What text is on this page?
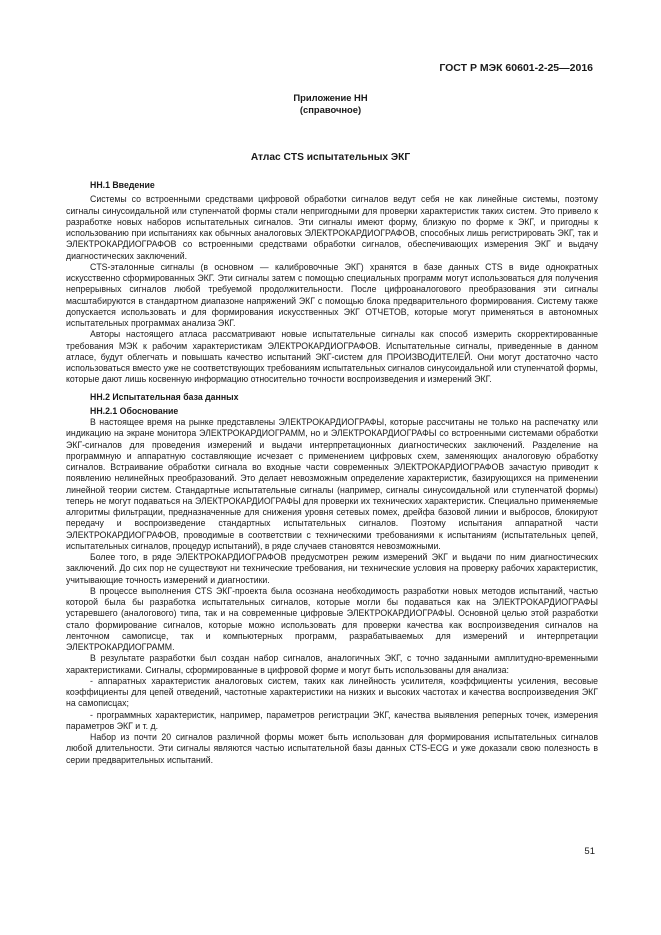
ГОСТ Р МЭК 60601-2-25—2016
Приложение НН
(справочное)
Атлас CTS испытательных ЭКГ
НН.1 Введение

Системы со встроенными средствами цифровой обработки сигналов ведут себя не как линейные системы, поэтому сигналы синусоидальной или ступенчатой формы стали непригодными для проверки характеристик таких систем. Это привело к разработке новых наборов испытательных сигналов. Эти сигналы имеют форму, близкую по форме к ЭКГ, и пригодны к использованию при испытаниях как обычных аналоговых ЭЛЕКТРОКАРДИОГРАФОВ, способных лишь регистрировать ЭКГ, так и ЭЛЕКТРОКАРДИОГРАФОВ со встроенными средствами обработки сигналов, обеспечивающих измерения ЭКГ и выдачу диагностических заключений.

CTS-эталонные сигналы (в основном — калибровочные ЭКГ) хранятся в базе данных CTS в виде однократных искусственно сформированных ЭКГ. Эти сигналы затем с помощью специальных программ могут использоваться для получения непрерывных сигналов любой требуемой продолжительности. После цифроаналогового преобразования эти сигналы масштабируются в стандартном диапазоне напряжений ЭКГ с помощью блока предварительного формирования. Систему также допускается использовать и для формирования искусственных ЭКГ ОТЧЕТОВ, которые могут применяться в автономных испытательных программах анализа ЭКГ.

Авторы настоящего атласа рассматривают новые испытательные сигналы как способ измерить скорректированные требования МЭК к рабочим характеристикам ЭЛЕКТРОКАРДИОГРАФОВ. Испытательные сигналы, приведенные в данном атласе, будут облегчать и повышать качество испытаний ЭКГ-систем для ПРОИЗВОДИТЕЛЕЙ. Они могут достаточно часто использоваться вместо уже не соответствующих требованиям испытательных сигналов синусоидальной или ступенчатой формы, которые дают лишь косвенную информацию относительно точности воспроизведения и измерений ЭКГ.

НН.2 Испытательная база данных
НН.2.1 Обоснование

В настоящее время на рынке представлены ЭЛЕКТРОКАРДИОГРАФЫ, которые рассчитаны не только на распечатку или индикацию на экране монитора ЭЛЕКТРОКАРДИОГРАММ, но и ЭЛЕКТРОКАРДИОГРАФЫ со встроенными системами обработки ЭКГ-сигналов для проведения измерений и выдачи интерпретационных диагностических заключений. Разделение на программную и аппаратную составляющие исчезает с применением цифровых схем, заменяющих аналоговую обработку сигналов. Встраивание обработки сигнала во входные части современных ЭЛЕКТРОКАРДИОГРАФОВ зачастую приводит к появлению нелинейных преобразований. Это делает невозможным определение характеристик, базирующихся на применении линейной теории систем. Стандартные испытательные сигналы (например, сигналы синусоидальной или ступенчатой формы) теперь не могут подаваться на ЭЛЕКТРОКАРДИОГРАФЫ для проверки их технических характеристик. Специально применяемые алгоритмы фильтрации, предназначенные для снижения уровня сетевых помех, дрейфа базовой линии и выбросов, блокируют передачу и воспроизведение стандартных испытательных сигналов. Поэтому испытания аппаратной части ЭЛЕКТРОКАРДИОГРАФОВ, проводимые в соответствии с техническими требованиями к испытаниям (испытательных цепей, испытательных сигналов, процедур испытаний), в ряде случаев становятся невозможными.

Более того, в ряде ЭЛЕКТРОКАРДИОГРАФОВ предусмотрен режим измерений ЭКГ и выдачи по ним диагностических заключений. До сих пор не существуют ни технические требования, ни технические условия на проверку рабочих характеристик, учитывающие точность измерений и диагностики.

В процессе выполнения CTS ЭКГ-проекта была осознана необходимость разработки новых методов испытаний, частью которой была бы разработка испытательных сигналов, которые могли бы подаваться как на ЭЛЕКТРОКАРДИОГРАФЫ устаревшего (аналогового) типа, так и на современные цифровые ЭЛЕКТРОКАРДИОГРАФЫ. Основной целью этой разработки стало формирование сигналов, которые можно использовать для проверки качества как воспроизведения сигналов на ленточном самописце, так и компьютерных программ, разрабатываемых для измерений и интерпретации ЭЛЕКТРОКАРДИОГРАММ.

В результате разработки был создан набор сигналов, аналогичных ЭКГ, с точно заданными амплитудно-временными характеристиками. Сигналы, сформированные в цифровой форме и могут быть использованы для анализа:

- аппаратных характеристик аналоговых систем, таких как линейность усилителя, коэффициенты усиления, весовые коэффициенты для цепей отведений, частотные характеристики на низких и высоких частотах и качества воспроизведения ЭКГ на самописцах;

- программных характеристик, например, параметров регистрации ЭКГ, качества выявления реперных точек, измерения параметров ЭКГ и т. д.

Набор из почти 20 сигналов различной формы может быть использован для формирования испытательных сигналов любой длительности. Эти сигналы являются частью испытательной базы данных CTS-ECG и уже доказали свою полезность в серии предварительных испытаний.

51
